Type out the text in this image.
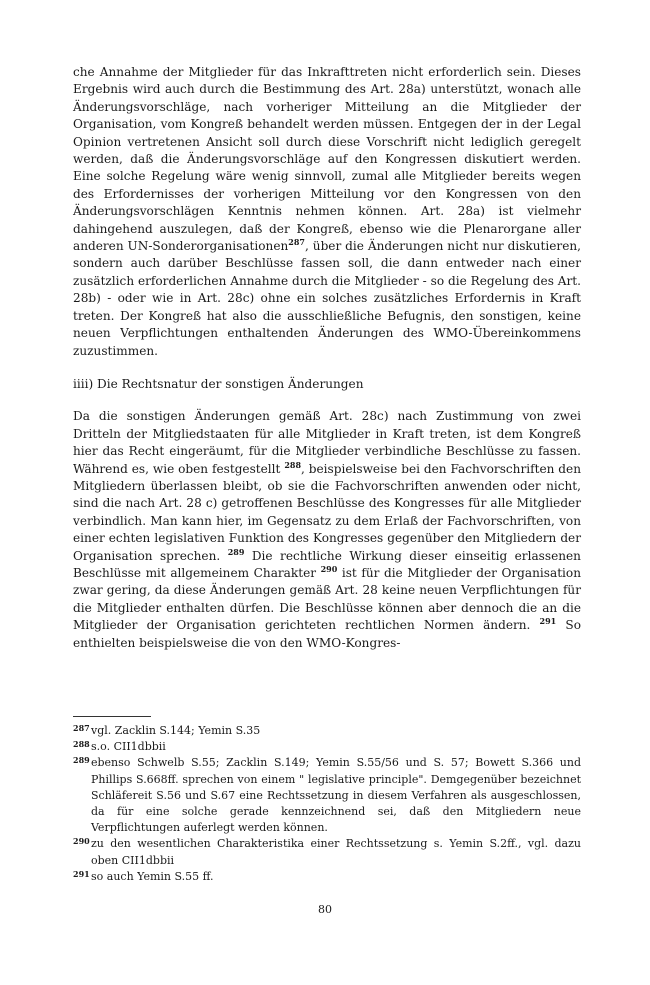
che Annahme der Mitglieder für das Inkrafttreten nicht erforderlich sein. Dieses Ergebnis wird auch durch die Bestimmung des Art. 28a) unterstützt, wonach alle Änderungsvorschläge, nach vorheriger Mitteilung an die Mitglieder der Organisation, vom Kongreß behandelt werden müssen. Entgegen der in der Legal Opinion vertretenen Ansicht soll durch diese Vorschrift nicht lediglich geregelt werden, daß die Änderungsvorschläge auf den Kongressen diskutiert werden. Eine solche Regelung wäre wenig sinnvoll, zumal alle Mitglieder bereits wegen des Erfordernisses der vorherigen Mitteilung vor den Kongressen von den Änderungsvorschlägen Kenntnis nehmen können. Art. 28a) ist vielmehr dahingehend auszulegen, daß der Kongreß, ebenso wie die Plenarorgane aller anderen UN-Sonderorganisationen$^{287}$, über die Änderungen nicht nur diskutieren, sondern auch darüber Beschlüsse fassen soll, die dann entweder nach einer zusätzlich erforderlichen Annahme durch die Mitglieder - so die Regelung des Art. 28b) - oder wie in Art. 28c) ohne ein solches zusätzliches Erfordernis in Kraft treten. Der Kongreß hat also die ausschließliche Befugnis, den sonstigen, keine neuen Verpflichtungen enthaltenden Änderungen des WMO-Übereinkommens zuzustimmen.

iiii) Die Rechtsnatur der sonstigen Änderungen

Da die sonstigen Änderungen gemäß Art. 28c) nach Zustimmung von zwei Dritteln der Mitgliedstaaten für alle Mitglieder in Kraft treten, ist dem Kongreß hier das Recht eingeräumt, für die Mitglieder verbindliche Beschlüsse zu fassen. Während es, wie oben festgestellt $^{288}$, beispielsweise bei den Fachvorschriften den Mitgliedern überlassen bleibt, ob sie die Fachvorschriften anwenden oder nicht, sind die nach Art. 28 c) getroffenen Beschlüsse des Kongresses für alle Mitglieder verbindlich. Man kann hier, im Gegensatz zu dem Erlaß der Fachvorschriften, von einer echten legislativen Funktion des Kongresses gegenüber den Mitgliedern der Organisation sprechen. $^{289}$ Die rechtliche Wirkung dieser einseitig erlassenen Beschlüsse mit allgemeinem Charakter $^{290}$ ist für die Mitglieder der Organisation zwar gering, da diese Änderungen gemäß Art. 28 keine neuen Verpflichtungen für die Mitglieder enthalten dürfen. Die Beschlüsse können aber dennoch die an die Mitglieder der Organisation gerichteten rechtlichen Normen ändern. $^{291}$ So enthielten beispielsweise die von den WMO-Kongres-

287 vgl. Zacklin S.144; Yemin S.35
288 s.o. CII1dbbii
289 ebenso Schwelb S.55; Zacklin S.149; Yemin S.55/56 und S. 57; Bowett S.366 und Phillips S.668ff. sprechen von einem " legislative principle". Demgegenüber bezeichnet Schläfereit S.56 und S.67 eine Rechtssetzung in diesem Verfahren als ausgeschlossen, da für eine solche gerade kennzeichnend sei, daß den Mitgliedern neue Verpflichtungen auferlegt werden können.
290 zu den wesentlichen Charakteristika einer Rechtssetzung s. Yemin S.2ff., vgl. dazu oben CII1dbbii
291 so auch Yemin S.55 ff.
80
